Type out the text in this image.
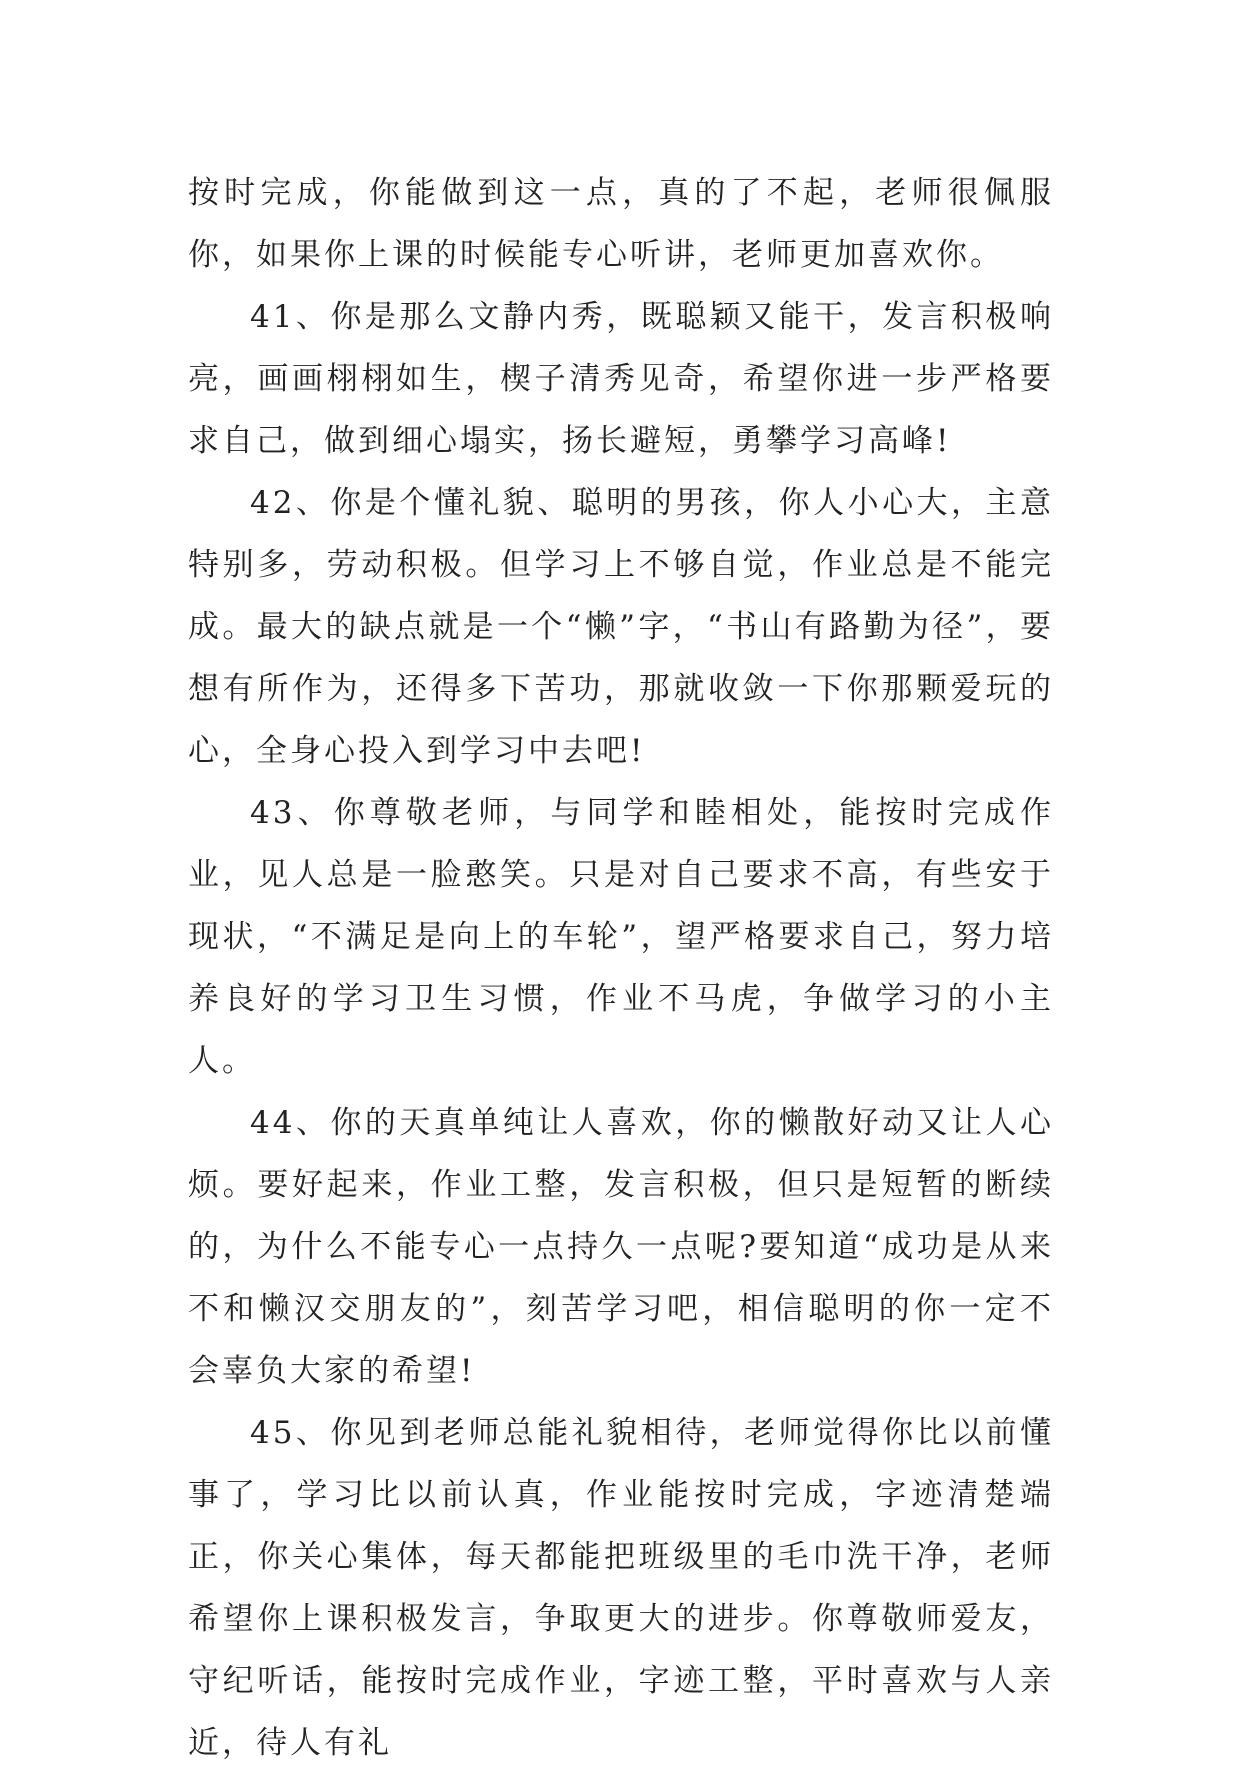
按时完成，你能做到这一点，真的了不起，老师很佩服你，如果你上课的时候能专心听讲，老师更加喜欢你。

41、你是那么文静内秀，既聪颖又能干，发言积极响亮，画画栩栩如生，楔子清秀见奇，希望你进一步严格要求自己，做到细心塌实，扬长避短，勇攀学习高峰!

42、你是个懂礼貌、聪明的男孩，你人小心大，主意特别多，劳动积极。但学习上不够自觉，作业总是不能完成。最大的缺点就是一个“懒”字，“书山有路勤为径”，要想有所作为，还得多下苦功，那就收敛一下你那颗爱玩的心，全身心投入到学习中去吧!

43、你尊敬老师，与同学和睦相处，能按时完成作业，见人总是一脸憨笑。只是对自己要求不高，有些安于现状，“不满足是向上的车轮”，望严格要求自己，努力培养良好的学习卫生习惯，作业不马虎，争做学习的小主人。

44、你的天真单纯让人喜欢，你的懒散好动又让人心烦。要好起来，作业工整，发言积极，但只是短暂的断续的，为什么不能专心一点持久一点呢?要知道“成功是从来不和懒汉交朋友的”，刻苦学习吧，相信聪明的你一定不会辜负大家的希望!

45、你见到老师总能礼貌相待，老师觉得你比以前懂事了，学习比以前认真，作业能按时完成，字迹清楚端正，你关心集体，每天都能把班级里的毛巾洗干净，老师希望你上课积极发言，争取更大的进步。你尊敬师爱友，守纪听话，能按时完成作业，字迹工整，平时喜欢与人亲近，待人有礼
